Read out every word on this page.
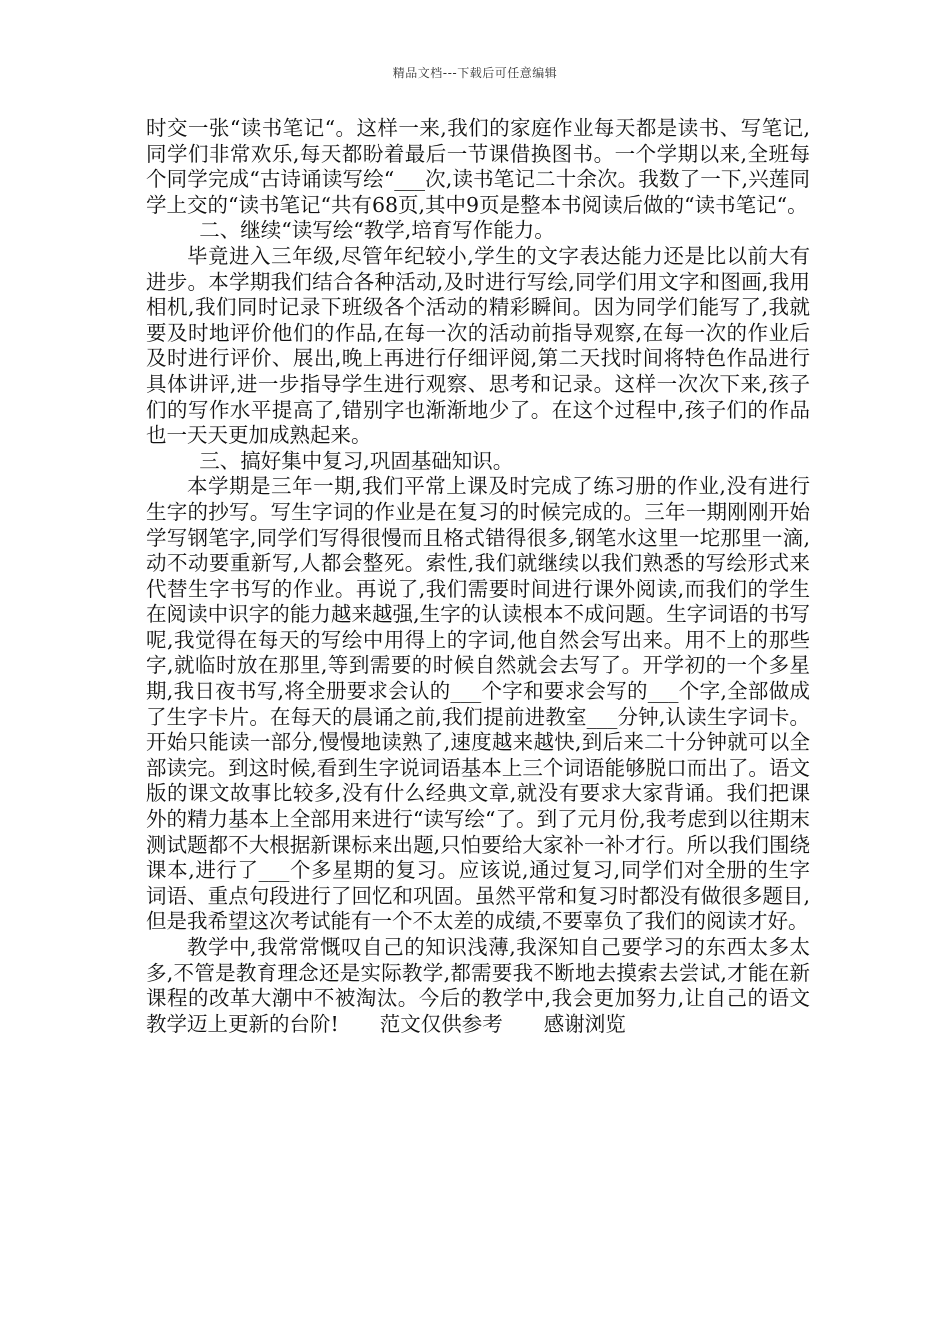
精品文档---下载后可任意编辑

时交一张“读书笔记“。这样一来,我们的家庭作业每天都是读书、写笔记,同学们非常欢乐,每天都盼着最后一节课借换图书。一个学期以来,全班每个同学完成“古诗诵读写绘“___次,读书笔记二十余次。我数了一下,兴莲同学上交的“读书笔记“共有68页,其中9页是整本书阅读后做的“读书笔记“。

二、继续“读写绘“教学,培育写作能力。

毕竟进入三年级,尽管年纪较小,学生的文字表达能力还是比以前大有进步。本学期我们结合各种活动,及时进行写绘,同学们用文字和图画,我用相机,我们同时记录下班级各个活动的精彩瞬间。因为同学们能写了,我就要及时地评价他们的作品,在每一次的活动前指导观察,在每一次的作业后及时进行评价、展出,晚上再进行仔细评阅,第二天找时间将特色作品进行具体讲评,进一步指导学生进行观察、思考和记录。这样一次次下来,孩子们的写作水平提高了,错别字也渐渐地少了。在这个过程中,孩子们的作品也一天天更加成熟起来。

三、搞好集中复习,巩固基础知识。

本学期是三年一期,我们平常上课及时完成了练习册的作业,没有进行生字的抄写。写生字词的作业是在复习的时候完成的。三年一期刚刚开始学写钢笔字,同学们写得很慢而且格式错得很多,钢笔水这里一坨那里一滴,动不动要重新写,人都会整死。索性,我们就继续以我们熟悉的写绘形式来代替生字书写的作业。再说了,我们需要时间进行课外阅读,而我们的学生在阅读中识字的能力越来越强,生字的认读根本不成问题。生字词语的书写呢,我觉得在每天的写绘中用得上的字词,他自然会写出来。用不上的那些字,就临时放在那里,等到需要的时候自然就会去写了。开学初的一个多星期,我日夜书写,将全册要求会认的___个字和要求会写的___个字,全部做成了生字卡片。在每天的晨诵之前,我们提前进教室___分钟,认读生字词卡。开始只能读一部分,慢慢地读熟了,速度越来越快,到后来二十分钟就可以全部读完。到这时候,看到生字说词语基本上三个词语能够脱口而出了。语文版的课文故事比较多,没有什么经典文章,就没有要求大家背诵。我们把课外的精力基本上全部用来进行“读写绘“了。到了元月份,我考虑到以往期末测试题都不大根据新课标来出题,只怕要给大家补一补才行。所以我们围绕课本,进行了___个多星期的复习。应该说,通过复习,同学们对全册的生字词语、重点句段进行了回忆和巩固。虽然平常和复习时都没有做很多题目,但是我希望这次考试能有一个不太差的成绩,不要辜负了我们的阅读才好。

教学中,我常常慨叹自己的知识浅薄,我深知自己要学习的东西太多太多,不管是教育理念还是实际教学,都需要我不断地去摸索去尝试,才能在新课程的改革大潮中不被淘汰。今后的教学中,我会更加努力,让自己的语文教学迈上更新的台阶!　　范文仅供参考　　感谢浏览
